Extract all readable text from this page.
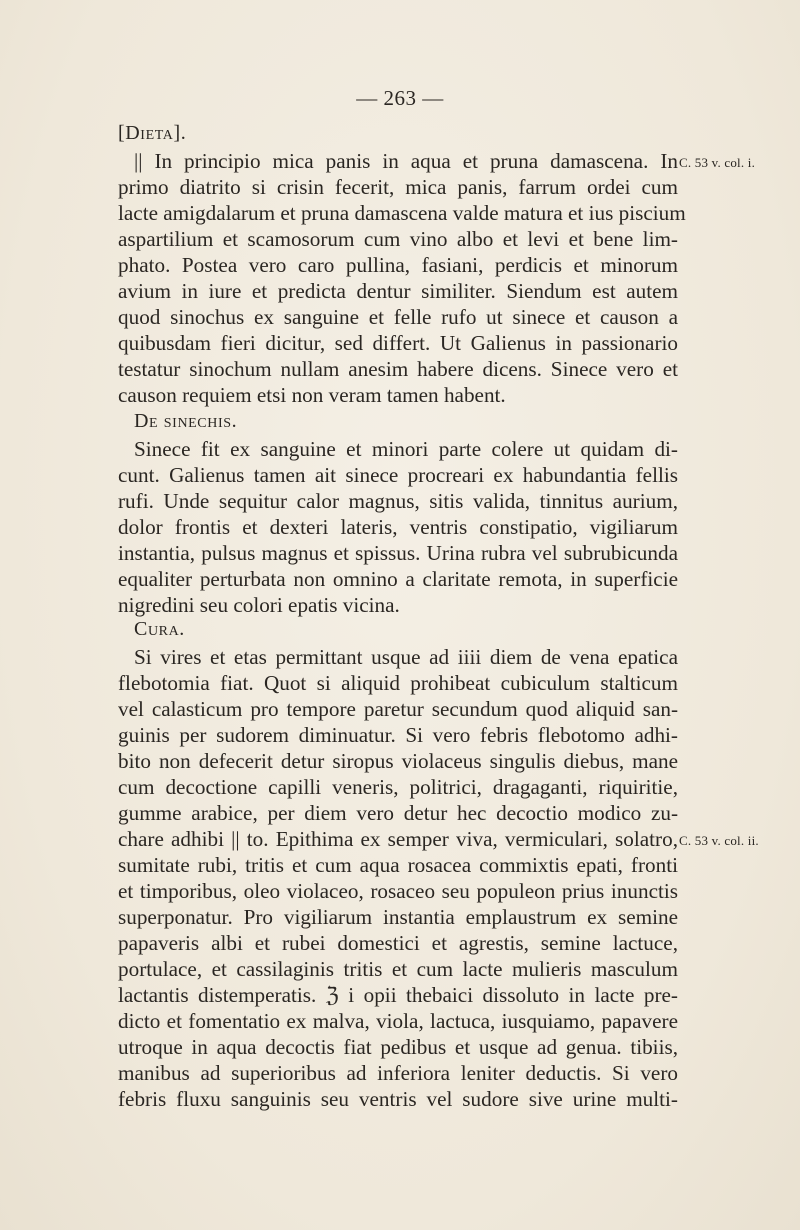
— 263 —
[Dieta].
|| In principio mica panis in aqua et pruna damascena. In
primo diatrito si crisin fecerit, mica panis, farrum ordei cum
lacte amigdalarum et pruna damascena valde matura et ius piscium
aspartilium et scamosorum cum vino albo et levi et bene lim-
phato. Postea vero caro pullina, fasiani, perdicis et minorum
avium in iure et predicta dentur similiter. Siendum est autem
quod sinochus ex sanguine et felle rufo ut sinece et causon a
quibusdam fieri dicitur, sed differt. Ut Galienus in passionario
testatur sinochum nullam anesim habere dicens. Sinece vero et
causon requiem etsi non veram tamen habent.
C. 53 v. col. i.
De sinechis.
Sinece fit ex sanguine et minori parte colere ut quidam di-
cunt. Galienus tamen ait sinece procreari ex habundantia fellis
rufi. Unde sequitur calor magnus, sitis valida, tinnitus aurium,
dolor frontis et dexteri lateris, ventris constipatio, vigiliarum
instantia, pulsus magnus et spissus. Urina rubra vel subrubicunda
equaliter perturbata non omnino a claritate remota, in superficie
nigredini seu colori epatis vicina.
Cura.
Si vires et etas permittant usque ad iiii diem de vena epatica
flebotomia fiat. Quot si aliquid prohibeat cubiculum stalticum
vel calasticum pro tempore paretur secundum quod aliquid san-
guinis per sudorem diminuatur. Si vero febris flebotomo adhi-
bito non defecerit detur siropus violaceus singulis diebus, mane
cum decoctione capilli veneris, politrici, dragaganti, riquiritie,
gumme arabice, per diem vero detur hec decoctio modico zu-
chare adhibi || to. Epithima ex semper viva, vermiculari, solatro,
sumitate rubi, tritis et cum aqua rosacea commixtis epati, fronti
et timporibus, oleo violaceo, rosaceo seu populeon prius inunctis
superponatur. Pro vigiliarum instantia emplaustrum ex semine
papaveris albi et rubei domestici et agrestis, semine lactuce,
portulace, et cassilaginis tritis et cum lacte mulieris masculum
lactantis distemperatis. ℨ i opii thebaici dissoluto in lacte pre-
dicto et fomentatio ex malva, viola, lactuca, iusquiamo, papavere
utroque in aqua decoctis fiat pedibus et usque ad genua. tibiis,
manibus ad superioribus ad inferiora leniter deductis. Si vero
febris fluxu sanguinis seu ventris vel sudore sive urine multi-
C. 53 v. col. ii.
